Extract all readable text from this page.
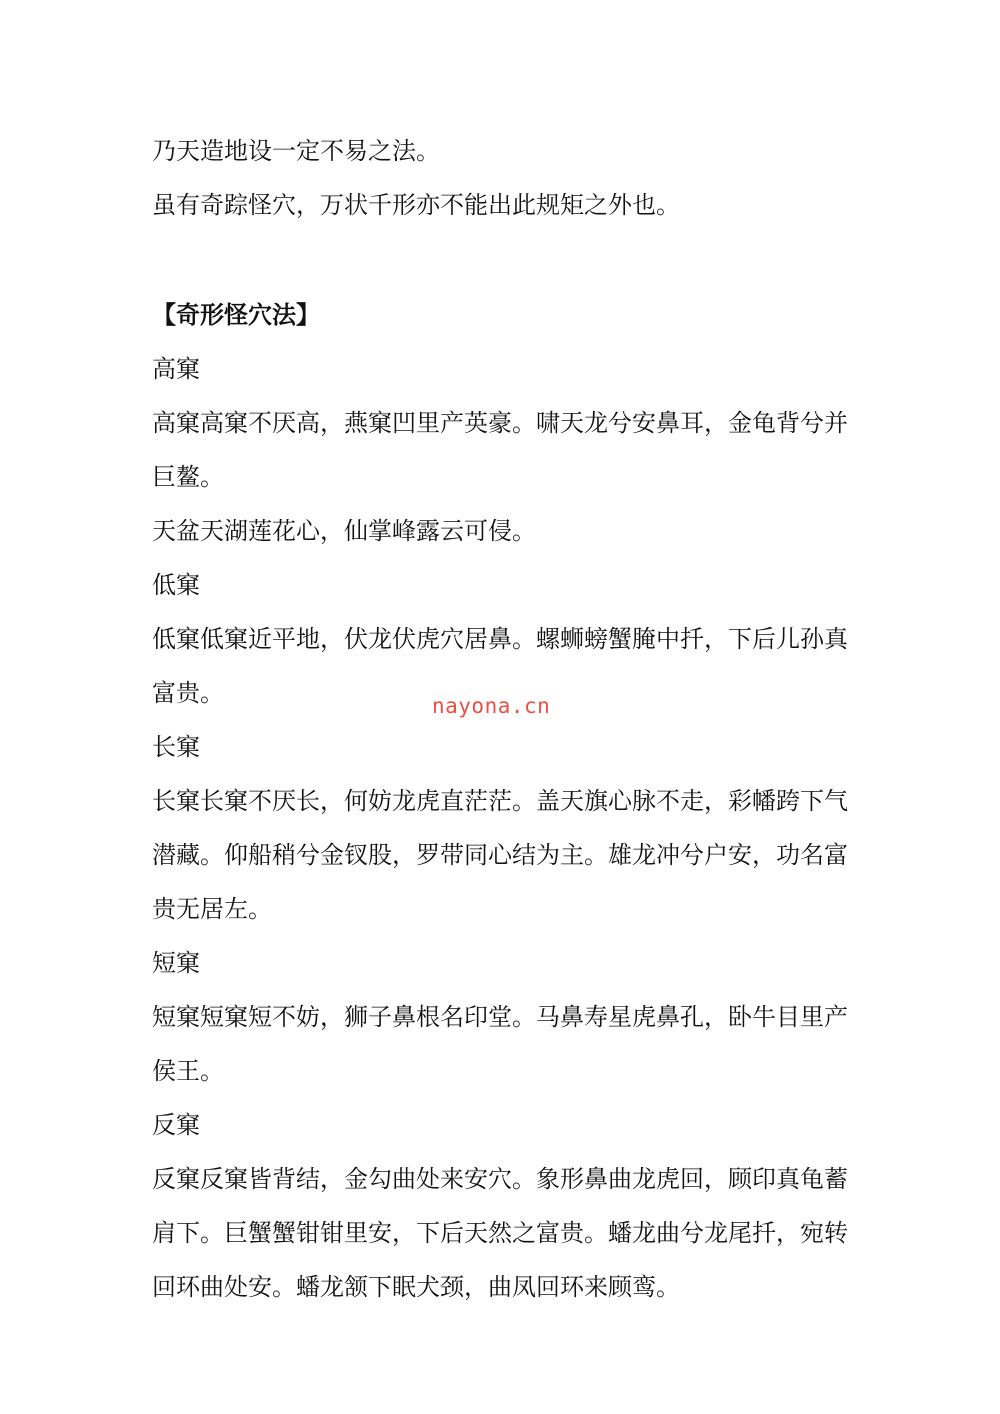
乃天造地设一定不易之法。

虽有奇踪怪穴，万状千形亦不能出此规矩之外也。

【奇形怪穴法】

高窠

高窠高窠不厌高，燕窠凹里产英豪。啸天龙兮安鼻耳，金龟背兮并巨鳌。

天盆天湖莲花心，仙掌峰露云可侵。

低窠

低窠低窠近平地，伏龙伏虎穴居鼻。螺蛳螃蟹腌中扦，下后儿孙真富贵。

长窠

长窠长窠不厌长，何妨龙虎直茫茫。盖天旗心脉不走，彩幡跨下气潜藏。仰船稍兮金钗股，罗带同心结为主。雄龙冲兮户安，功名富贵无居左。

短窠

短窠短窠短不妨，狮子鼻根名印堂。马鼻寿星虎鼻孔，卧牛目里产侯王。

反窠

反窠反窠皆背结，金勾曲处来安穴。象形鼻曲龙虎回，顾印真龟蓄肩下。巨蟹蟹钳钳里安，下后天然之富贵。蟠龙曲兮龙尾扦，宛转回环曲处安。蟠龙颔下眠犬颈，曲凤回环来顾鸾。

nayona.cn
